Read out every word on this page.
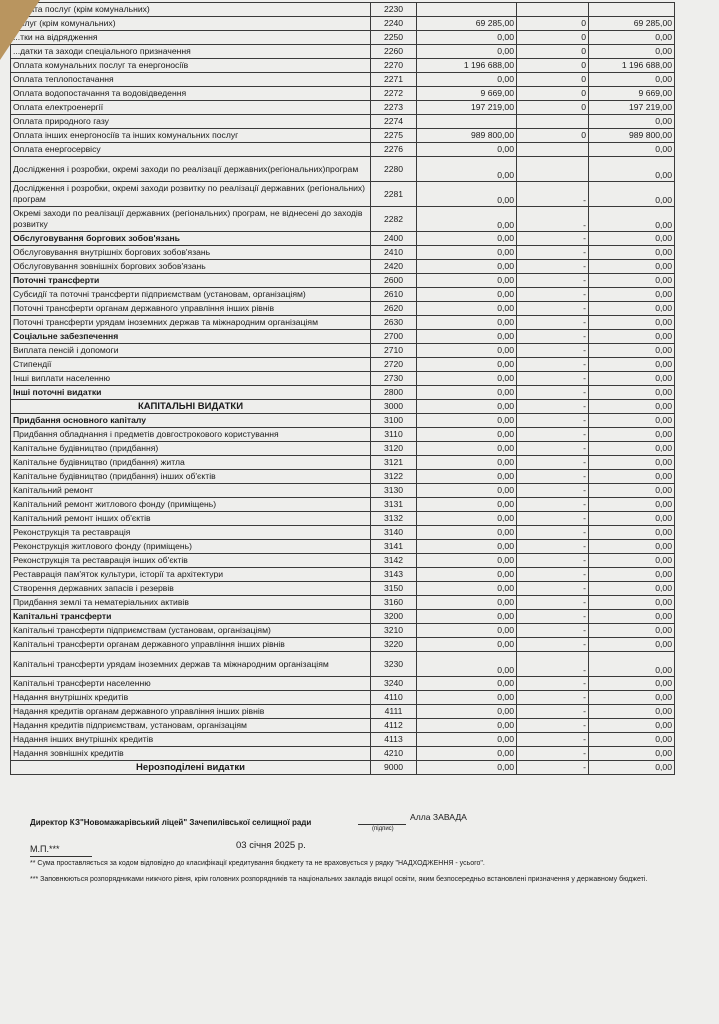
Оплата послуг (крім комунальних)	2230			
...слуг (крім комунальних)	2240	69 285,00	0	69 285,00
...тки на відрядження	2250	0,00	0	0,00
...датки та заходи спеціального призначення	2260	0,00	0	0,00
Оплата комунальних послуг та енергоносіїв	2270	1 196 688,00	0	1 196 688,00
Оплата теплопостачання	2271	0,00	0	0,00
Оплата водопостачання та водовідведення	2272	9 669,00	0	9 669,00
Оплата електроенергії	2273	197 219,00	0	197 219,00
Оплата природного газу	2274			0,00
Оплата інших енергоносіїв та інших комунальних послуг	2275	989 800,00	0	989 800,00
Оплата енергосервісу	2276	0,00		0,00
Дослідження і розробки, окремі заходи по реалізації державних(регіональних)програм	2280	0,00		0,00
Дослідження і розробки, окремі заходи розвитку по реалізації державних (регіональних) програм	2281	0,00	-	0,00
Окремі заходи по реалізації державних (регіональних) програм, не віднесені до заходів розвитку	2282	0,00	-	0,00
Обслуговування боргових зобов'язань	2400	0,00	-	0,00
Обслуговування внутрішніх боргових зобов'язань	2410	0,00	-	0,00
Обслуговування зовнішніх боргових зобов'язань	2420	0,00	-	0,00
Поточні трансферти	2600	0,00	-	0,00
Субсидії та поточні трансферти підприємствам (установам, організаціям)	2610	0,00	-	0,00
Поточні трансферти органам державного управління інших рівнів	2620	0,00	-	0,00
Поточні трансферти урядам іноземних держав та міжнародним організаціям	2630	0,00	-	0,00
Соціальне забезпечення	2700	0,00	-	0,00
Виплата пенсій і допомоги	2710	0,00	-	0,00
Стипендії	2720	0,00	-	0,00
Інші виплати населенню	2730	0,00	-	0,00
Інші поточні видатки	2800	0,00	-	0,00
КАПІТАЛЬНІ ВИДАТКИ	3000	0,00	-	0,00
Придбання основного капіталу	3100	0,00	-	0,00
Придбання обладнання і предметів довгострокового користування	3110	0,00	-	0,00
Капітальне будівництво (придбання)	3120	0,00	-	0,00
Капітальне будівництво (придбання) житла	3121	0,00	-	0,00
Капітальне будівництво (придбання) інших об'єктів	3122	0,00	-	0,00
Капітальний ремонт	3130	0,00	-	0,00
Капітальний ремонт житлового фонду (приміщень)	3131	0,00	-	0,00
Капітальний ремонт інших об'єктів	3132	0,00	-	0,00
Реконструкція та реставрація	3140	0,00	-	0,00
Реконструкція житлового фонду (приміщень)	3141	0,00	-	0,00
Реконструкція та реставрація інших об'єктів	3142	0,00	-	0,00
Реставрація пам'яток культури, історії та архітектури	3143	0,00	-	0,00
Створення державних запасів і резервів	3150	0,00	-	0,00
Придбання землі та нематеріальних активів	3160	0,00	-	0,00
Капітальні трансферти	3200	0,00	-	0,00
Капітальні трансферти підприємствам (установам, організаціям)	3210	0,00	-	0,00
Капітальні трансферти органам державного управління інших рівнів	3220	0,00	-	0,00
Капітальні трансферти урядам іноземних держав та міжнародним організаціям	3230	0,00	-	0,00
Капітальні трансферти населенню	3240	0,00	-	0,00
Надання внутрішніх кредитів	4110	0,00	-	0,00
Надання кредитів органам державного управління інших рівнів	4111	0,00	-	0,00
Надання кредитів підприємствам, установам, організаціям	4112	0,00	-	0,00
Надання інших внутрішніх кредитів	4113	0,00	-	0,00
Надання зовнішніх кредитів	4210	0,00	-	0,00
Нерозподілені видатки	9000	0,00	-	0,00
Директор КЗ"Новомажарівський ліцей" Зачепилівської селищної ради
Алла ЗАВАДА
(підпис)
М.П.***	03 січня 2025 р.
** Сума проставляється за кодом відповідно до класифікації кредитування бюджету та не враховується у рядку "НАДХОДЖЕННЯ - усього".
*** Заповнюються розпорядниками нижчого рівня, крім головних розпорядників та національних закладів вищої освіти, яким безпосередньо встановлені призначення у державному бюджеті.
